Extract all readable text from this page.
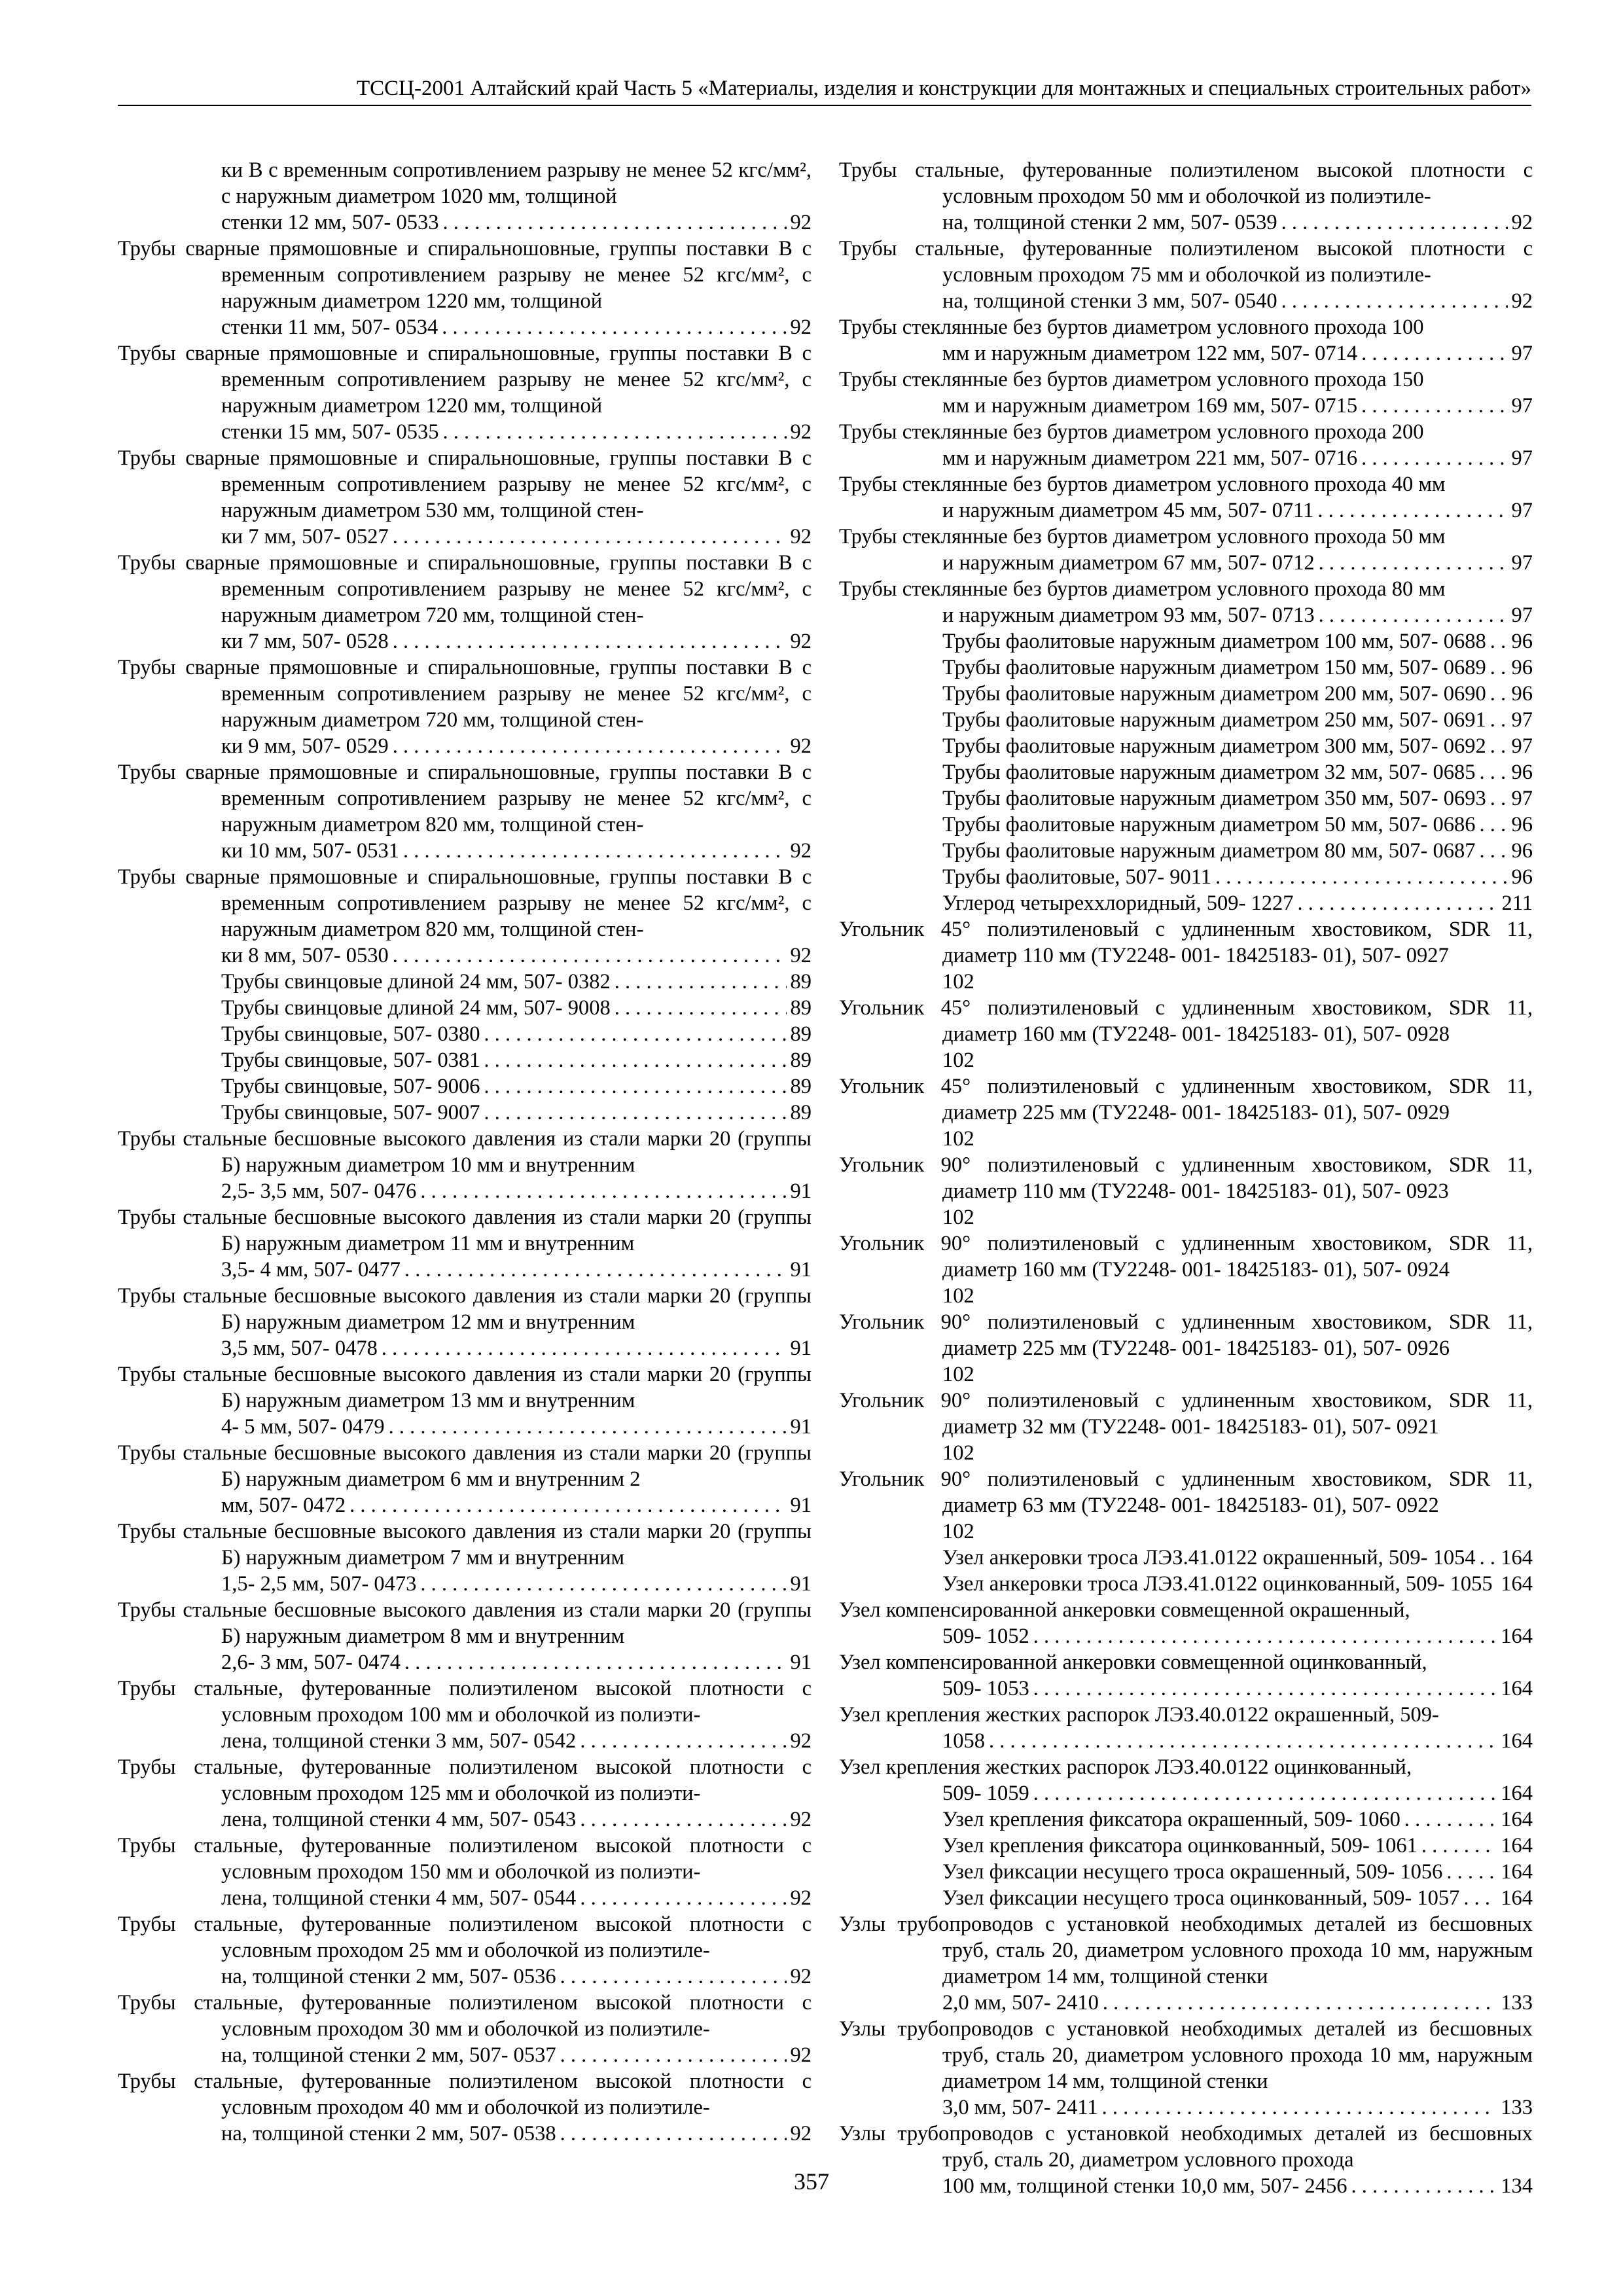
ТССЦ-2001 Алтайский край Часть 5 «Материалы, изделия и конструкции для монтажных и специальных строительных работ»
ки В с временным сопротивлением разрыву не менее 52 кгс/мм², с наружным диаметром 1020 мм, толщиной
стенки 12 мм, 507- 0533 . . .	92
Трубы сварные прямошовные и спиральношовные, группы поставки В с временным сопротивлением разрыву не менее 52 кгс/мм², с наружным диаметром 1220 мм, толщиной
стенки 11 мм, 507- 0534 . . .	92
Трубы сварные прямошовные и спиральношовные, группы поставки В с временным сопротивлением разрыву не менее 52 кгс/мм², с наружным диаметром 1220 мм, толщиной
стенки 15 мм, 507- 0535 . . .	92
Трубы сварные прямошовные и спиральношовные, группы поставки В с временным сопротивлением разрыву не менее 52 кгс/мм², с наружным диаметром 530 мм, толщиной стен-
ки 7 мм, 507- 0527 . . .	92
Трубы сварные прямошовные и спиральношовные, группы поставки В с временным сопротивлением разрыву не менее 52 кгс/мм², с наружным диаметром 720 мм, толщиной стен-
ки 7 мм, 507- 0528 . . .	92
Трубы сварные прямошовные и спиральношовные, группы поставки В с временным сопротивлением разрыву не менее 52 кгс/мм², с наружным диаметром 720 мм, толщиной стен-
ки 9 мм, 507- 0529 . . .	92
Трубы сварные прямошовные и спиральношовные, группы поставки В с временным сопротивлением разрыву не менее 52 кгс/мм², с наружным диаметром 820 мм, толщиной стен-
ки 10 мм, 507- 0531 . . .	92
Трубы сварные прямошовные и спиральношовные, группы поставки В с временным сопротивлением разрыву не менее 52 кгс/мм², с наружным диаметром 820 мм, толщиной стен-
ки 8 мм, 507- 0530 . . .	92
Трубы свинцовые длиной 24 мм, 507- 0382 . . .	89
Трубы свинцовые длиной 24 мм, 507- 9008 . . .	89
Трубы свинцовые, 507- 0380 . . .	89
Трубы свинцовые, 507- 0381 . . .	89
Трубы свинцовые, 507- 9006 . . .	89
Трубы свинцовые, 507- 9007 . . .	89
Трубы стальные бесшовные высокого давления из стали марки 20 (группы Б) наружным диаметром 10 мм и внутренним
2,5- 3,5 мм, 507- 0476 . . .	91
Трубы стальные бесшовные высокого давления из стали марки 20 (группы Б) наружным диаметром 11 мм и внутренним
3,5- 4 мм, 507- 0477 . . .	91
Трубы стальные бесшовные высокого давления из стали марки 20 (группы Б) наружным диаметром 12 мм и внутренним
3,5 мм, 507- 0478 . . .	91
Трубы стальные бесшовные высокого давления из стали марки 20 (группы Б) наружным диаметром 13 мм и внутренним
4- 5 мм, 507- 0479 . . .	91
Трубы стальные бесшовные высокого давления из стали марки 20 (группы Б) наружным диаметром 6 мм и внутренним 2
мм, 507- 0472 . . .	91
Трубы стальные бесшовные высокого давления из стали марки 20 (группы Б) наружным диаметром 7 мм и внутренним
1,5- 2,5 мм, 507- 0473 . . .	91
Трубы стальные бесшовные высокого давления из стали марки 20 (группы Б) наружным диаметром 8 мм и внутренним
2,6- 3 мм, 507- 0474 . . .	91
Трубы стальные, футерованные полиэтиленом высокой плотности с условным проходом 100 мм и оболочкой из полиэти-
лена, толщиной стенки 3 мм, 507- 0542 . . .	92
Трубы стальные, футерованные полиэтиленом высокой плотности с условным проходом 125 мм и оболочкой из полиэти-
лена, толщиной стенки 4 мм, 507- 0543 . . .	92
Трубы стальные, футерованные полиэтиленом высокой плотности с условным проходом 150 мм и оболочкой из полиэти-
лена, толщиной стенки 4 мм, 507- 0544 . . .	92
Трубы стальные, футерованные полиэтиленом высокой плотности с условным проходом 25 мм и оболочкой из полиэтиле-
на, толщиной стенки 2 мм, 507- 0536 . . .	92
Трубы стальные, футерованные полиэтиленом высокой плотности с условным проходом 30 мм и оболочкой из полиэтиле-
на, толщиной стенки 2 мм, 507- 0537 . . .	92
Трубы стальные, футерованные полиэтиленом высокой плотности с условным проходом 40 мм и оболочкой из полиэтиле-
на, толщиной стенки 2 мм, 507- 0538 . . .	92
Трубы стальные, футерованные полиэтиленом высокой плотности с условным проходом 50 мм и оболочкой из полиэтиле-
на, толщиной стенки 2 мм, 507- 0539 . . .	92
Трубы стальные, футерованные полиэтиленом высокой плотности с условным проходом 75 мм и оболочкой из полиэтиле-
на, толщиной стенки 3 мм, 507- 0540 . . .	92
Трубы стеклянные без буртов диаметром условного прохода 100
мм и наружным диаметром 122 мм, 507- 0714 . . .	97
Трубы стеклянные без буртов диаметром условного прохода 150
мм и наружным диаметром 169 мм, 507- 0715 . . .	97
Трубы стеклянные без буртов диаметром условного прохода 200
мм и наружным диаметром 221 мм, 507- 0716 . . .	97
Трубы стеклянные без буртов диаметром условного прохода 40 мм
и наружным диаметром 45 мм, 507- 0711 . . .	97
Трубы стеклянные без буртов диаметром условного прохода 50 мм
и наружным диаметром 67 мм, 507- 0712 . . .	97
Трубы стеклянные без буртов диаметром условного прохода 80 мм
и наружным диаметром 93 мм, 507- 0713 . . .	97
Трубы фаолитовые наружным диаметром 100 мм, 507- 0688 . . . 96
Трубы фаолитовые наружным диаметром 150 мм, 507- 0689 . . . 96
Трубы фаолитовые наружным диаметром 200 мм, 507- 0690 . . . 96
Трубы фаолитовые наружным диаметром 250 мм, 507- 0691 . . . 97
Трубы фаолитовые наружным диаметром 300 мм, 507- 0692 . . . 97
Трубы фаолитовые наружным диаметром 32 мм, 507- 0685 . . . 96
Трубы фаолитовые наружным диаметром 350 мм, 507- 0693 . . . 97
Трубы фаолитовые наружным диаметром 50 мм, 507- 0686 . . . 96
Трубы фаолитовые наружным диаметром 80 мм, 507- 0687 . . . 96
Трубы фаолитовые, 507- 9011 . . .	96
Углерод четыреххлоридный, 509- 1227 . . .	211
Угольник 45° полиэтиленовый с удлиненным хвостовиком, SDR 11, диаметр 110 мм (ТУ2248- 001- 18425183- 01), 507- 0927
102
Угольник 45° полиэтиленовый с удлиненным хвостовиком, SDR 11, диаметр 160 мм (ТУ2248- 001- 18425183- 01), 507- 0928
102
Угольник 45° полиэтиленовый с удлиненным хвостовиком, SDR 11, диаметр 225 мм (ТУ2248- 001- 18425183- 01), 507- 0929
102
Угольник 90° полиэтиленовый с удлиненным хвостовиком, SDR 11, диаметр 110 мм (ТУ2248- 001- 18425183- 01), 507- 0923
102
Угольник 90° полиэтиленовый с удлиненным хвостовиком, SDR 11, диаметр 160 мм (ТУ2248- 001- 18425183- 01), 507- 0924
102
Угольник 90° полиэтиленовый с удлиненным хвостовиком, SDR 11, диаметр 225 мм (ТУ2248- 001- 18425183- 01), 507- 0926
102
Угольник 90° полиэтиленовый с удлиненным хвостовиком, SDR 11, диаметр 32 мм (ТУ2248- 001- 18425183- 01), 507- 0921
102
Угольник 90° полиэтиленовый с удлиненным хвостовиком, SDR 11, диаметр 63 мм (ТУ2248- 001- 18425183- 01), 507- 0922
102
Узел анкеровки троса ЛЭЗ.41.0122 окрашенный, 509- 1054 . . . 164
Узел анкеровки троса ЛЭЗ.41.0122 оцинкованный, 509- 1055 . . . 164
Узел компенсированной анкеровки совмещенной окрашенный,
509- 1052 . . .	164
Узел компенсированной анкеровки совмещенной оцинкованный,
509- 1053 . . .	164
Узел крепления жестких распорок ЛЭЗ.40.0122 окрашенный, 509-
1058 . . .	164
Узел крепления жестких распорок ЛЭЗ.40.0122 оцинкованный,
509- 1059 . . .	164
Узел крепления фиксатора окрашенный, 509- 1060 . . .	164
Узел крепления фиксатора оцинкованный, 509- 1061 . . .	164
Узел фиксации несущего троса окрашенный, 509- 1056 . . .	164
Узел фиксации несущего троса оцинкованный, 509- 1057 . . . 164
Узлы трубопроводов с установкой необходимых деталей из бесшовных труб, сталь 20, диаметром условного прохода 10 мм, наружным диаметром 14 мм, толщиной стенки
2,0 мм, 507- 2410 . . .	133
Узлы трубопроводов с установкой необходимых деталей из бесшовных труб, сталь 20, диаметром условного прохода 10 мм, наружным диаметром 14 мм, толщиной стенки
3,0 мм, 507- 2411 . . .	133
Узлы трубопроводов с установкой необходимых деталей из бесшовных труб, сталь 20, диаметром условного прохода
100 мм, толщиной стенки 10,0 мм, 507- 2456 . . .	134
357
